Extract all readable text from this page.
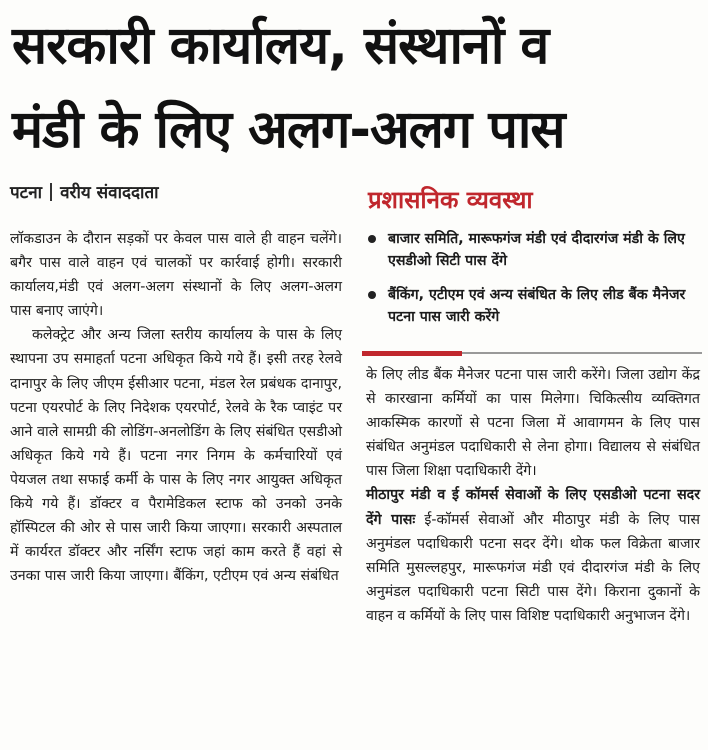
सरकारी कार्यालय, संस्थानों व
मंडी के लिए अलग-अलग पास
पटना वरीय संवाददाता

लॉकडाउन के दौरान सड़कों पर केवल पास वाले ही वाहन चलेंगे। बगैर पास वाले वाहन एवं चालकों पर कार्रवाई होगी। सरकारी कार्यालय,मंडी एवं अलग-अलग संस्थानों के लिए अलग-अलग पास बनाए जाएंगे।

कलेक्ट्रेट और अन्य जिला स्तरीय कार्यालय के पास के लिए स्थापना उप समाहर्ता पटना अधिकृत किये गये हैं। इसी तरह रेलवे दानापुर के लिए जीएम ईसीआर पटना, मंडल रेल प्रबंधक दानापुर, पटना एयरपोर्ट के लिए निदेशक एयरपोर्ट, रेलवे के रैक प्वाइंट पर आने वाले सामग्री की लोडिंग-अनलोडिंग के लिए संबंधित एसडीओ अधिकृत किये गये हैं। पटना नगर निगम के कर्मचारियों एवं पेयजल तथा सफाई कर्मी के पास के लिए नगर आयुक्त अधिकृत किये गये हैं। डॉक्टर व पैरामेडिकल स्टाफ को उनको उनके हॉस्पिटल की ओर से पास जारी किया जाएगा। सरकारी अस्पताल में कार्यरत डॉक्टर और नर्सिंग स्टाफ जहां काम करते हैं वहां से उनका पास जारी किया जाएगा। बैंकिंग, एटीएम एवं अन्य संबंधित

प्रशासनिक व्यवस्था
बाजार समिति, मारूफगंज मंडी एवं दीदारगंज मंडी के लिए एसडीओ सिटी पास देंगे
बैंकिंग, एटीएम एवं अन्य संबंधित के लिए लीड बैंक मैनेजर पटना पास जारी करेंगे

के लिए लीड बैंक मैनेजर पटना पास जारी करेंगे। जिला उद्योग केंद्र से कारखाना कर्मियों का पास मिलेगा। चिकित्सीय व्यक्तिगत आकस्मिक कारणों से पटना जिला में आवागमन के लिए पास संबंधित अनुमंडल पदाधिकारी से लेना होगा। विद्यालय से संबंधित पास जिला शिक्षा पदाधिकारी देंगे।

मीठापुर मंडी व ई कॉमर्स सेवाओं के लिए एसडीओ पटना सदर देंगे पासः ई-कॉमर्स सेवाओं और मीठापुर मंडी के लिए पास अनुमंडल पदाधिकारी पटना सदर देंगे। थोक फल विक्रेता बाजार समिति मुसल्लहपुर, मारूफगंज मंडी एवं दीदारगंज मंडी के लिए अनुमंडल पदाधिकारी पटना सिटी पास देंगे। किराना दुकानों के वाहन व कर्मियों के लिए पास विशिष्ट पदाधिकारी अनुभाजन देंगे।
